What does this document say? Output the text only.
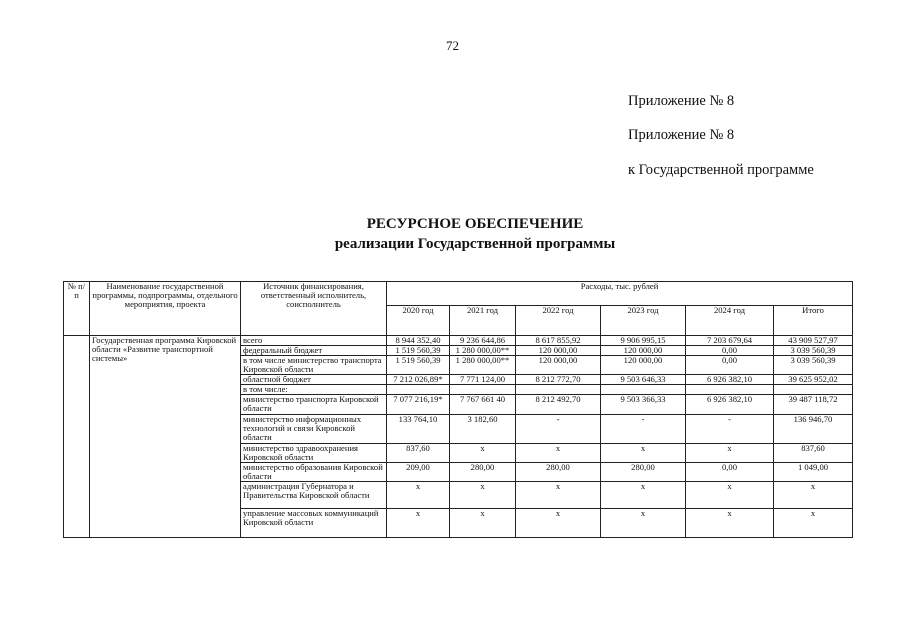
72
Приложение № 8
Приложение № 8
к Государственной программе
РЕСУРСНОЕ ОБЕСПЕЧЕНИЕ
реализации Государственной программы
№ п/п	Наименование государственной программы, подпрограммы, отдельного мероприятия, проекта	Источник финансирования, ответственный исполнитель, соисполнитель	Расходы, тыс. рублей					
			2020 год	2021 год	2022 год	2023 год	2024 год	Итого
	Государственная программа Кировской области «Развитие транспортной системы»	всего	8 944 352,40	9 236 644,86	8 617 855,92	9 906 995,15	7 203 679,64	43 909 527,97
		федеральный бюджет	1 519 560,39	1 280 000,00**	120 000,00	120 000,00	0,00	3 039 560,39
		в том числе министерство транспорта Кировской области	1 519 560,39	1 280 000,00**	120 000,00	120 000,00	0,00	3 039 560,39
		областной бюджет	7 212 026,89*	7 771 124,00	8 212 772,70	9 503 646,33	6 926 382,10	39 625 952,02
		в том числе:						
		министерство транспорта Кировской области	7 077 216,19*	7 767 661 40	8 212 492,70	9 503 366,33	6 926 382,10	39 487 118,72
		министерство информационных технологий и связи Кировской области	133 764,10	3 182,60	-	-	-	136 946,70
		министерство здравоохранения Кировской области	837,60	х	х	х	х	837,60
		министерство образования Кировской области	209,00	280,00	280,00	280,00	0,00	1 049,00
		администрация Губернатора и Правительства Кировской области	х	х	х	х	х	х
		управление массовых коммуникаций Кировской области	х	х	х	х	х	х
